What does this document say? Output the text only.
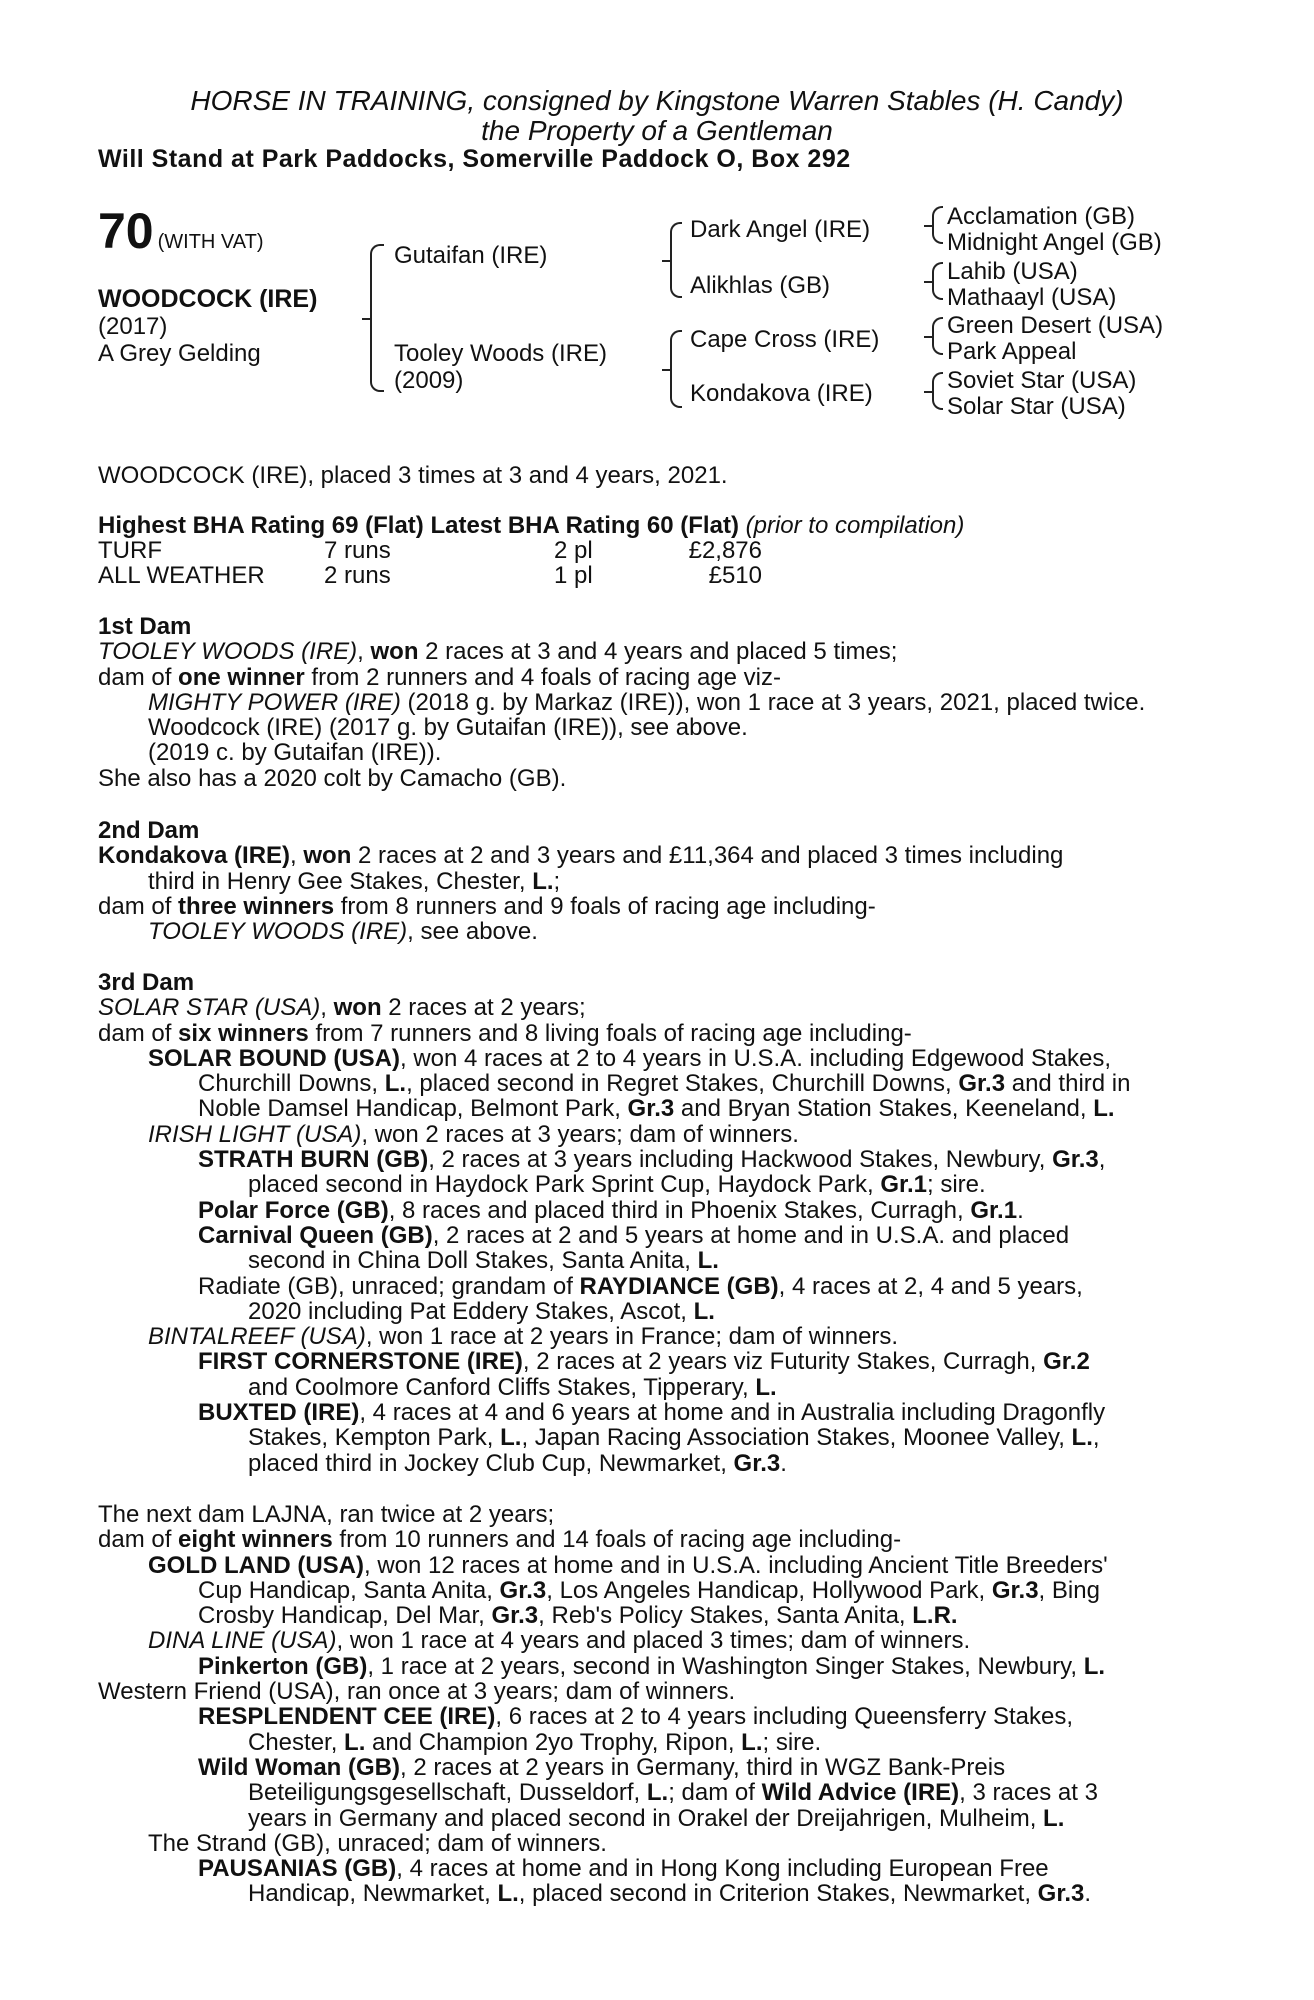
HORSE IN TRAINING, consigned by Kingstone Warren Stables (H. Candy)
the Property of a Gentleman
Will Stand at Park Paddocks, Somerville Paddock O, Box 292
70 (WITH VAT)
WOODCOCK (IRE)
(2017)
A Grey Gelding
Gutaifan (IRE)
Tooley Woods (IRE)
(2009)
Dark Angel (IRE)
Alikhlas (GB)
Cape Cross (IRE)
Kondakova (IRE)
Acclamation (GB)
Midnight Angel (GB)
Lahib (USA)
Mathaayl (USA)
Green Desert (USA)
Park Appeal
Soviet Star (USA)
Solar Star (USA)
WOODCOCK (IRE), placed 3 times at 3 and 4 years, 2021.
Highest BHA Rating 69 (Flat) Latest BHA Rating 60 (Flat) (prior to compilation)
TURF	7 runs	2 pl	£2,876
ALL WEATHER 2 runs	1 pl	£510
1st Dam
TOOLEY WOODS (IRE), won 2 races at 3 and 4 years and placed 5 times;
dam of one winner from 2 runners and 4 foals of racing age viz-
MIGHTY POWER (IRE) (2018 g. by Markaz (IRE)), won 1 race at 3 years, 2021, placed twice.
Woodcock (IRE) (2017 g. by Gutaifan (IRE)), see above.
(2019 c. by Gutaifan (IRE)).
She also has a 2020 colt by Camacho (GB).
2nd Dam
Kondakova (IRE), won 2 races at 2 and 3 years and £11,364 and placed 3 times including
third in Henry Gee Stakes, Chester, L.;
dam of three winners from 8 runners and 9 foals of racing age including-
TOOLEY WOODS (IRE), see above.
3rd Dam
SOLAR STAR (USA), won 2 races at 2 years;
dam of six winners from 7 runners and 8 living foals of racing age including-
SOLAR BOUND (USA), won 4 races at 2 to 4 years in U.S.A. including Edgewood Stakes,
Churchill Downs, L., placed second in Regret Stakes, Churchill Downs, Gr.3 and third in
Noble Damsel Handicap, Belmont Park, Gr.3 and Bryan Station Stakes, Keeneland, L.
IRISH LIGHT (USA), won 2 races at 3 years; dam of winners.
STRATH BURN (GB), 2 races at 3 years including Hackwood Stakes, Newbury, Gr.3,
placed second in Haydock Park Sprint Cup, Haydock Park, Gr.1; sire.
Polar Force (GB), 8 races and placed third in Phoenix Stakes, Curragh, Gr.1.
Carnival Queen (GB), 2 races at 2 and 5 years at home and in U.S.A. and placed
second in China Doll Stakes, Santa Anita, L.
Radiate (GB), unraced; grandam of RAYDIANCE (GB), 4 races at 2, 4 and 5 years,
2020 including Pat Eddery Stakes, Ascot, L.
BINTALREEF (USA), won 1 race at 2 years in France; dam of winners.
FIRST CORNERSTONE (IRE), 2 races at 2 years viz Futurity Stakes, Curragh, Gr.2
and Coolmore Canford Cliffs Stakes, Tipperary, L.
BUXTED (IRE), 4 races at 4 and 6 years at home and in Australia including Dragonfly
Stakes, Kempton Park, L., Japan Racing Association Stakes, Moonee Valley, L.,
placed third in Jockey Club Cup, Newmarket, Gr.3.
The next dam LAJNA, ran twice at 2 years;
dam of eight winners from 10 runners and 14 foals of racing age including-
GOLD LAND (USA), won 12 races at home and in U.S.A. including Ancient Title Breeders'
Cup Handicap, Santa Anita, Gr.3, Los Angeles Handicap, Hollywood Park, Gr.3, Bing
Crosby Handicap, Del Mar, Gr.3, Reb's Policy Stakes, Santa Anita, L.R.
DINA LINE (USA), won 1 race at 4 years and placed 3 times; dam of winners.
Pinkerton (GB), 1 race at 2 years, second in Washington Singer Stakes, Newbury, L.
Western Friend (USA), ran once at 3 years; dam of winners.
RESPLENDENT CEE (IRE), 6 races at 2 to 4 years including Queensferry Stakes,
Chester, L. and Champion 2yo Trophy, Ripon, L.; sire.
Wild Woman (GB), 2 races at 2 years in Germany, third in WGZ Bank-Preis
Beteiligungsgesellschaft, Dusseldorf, L.; dam of Wild Advice (IRE), 3 races at 3
years in Germany and placed second in Orakel der Dreijahrigen, Mulheim, L.
The Strand (GB), unraced; dam of winners.
PAUSANIAS (GB), 4 races at home and in Hong Kong including European Free
Handicap, Newmarket, L., placed second in Criterion Stakes, Newmarket, Gr.3.
